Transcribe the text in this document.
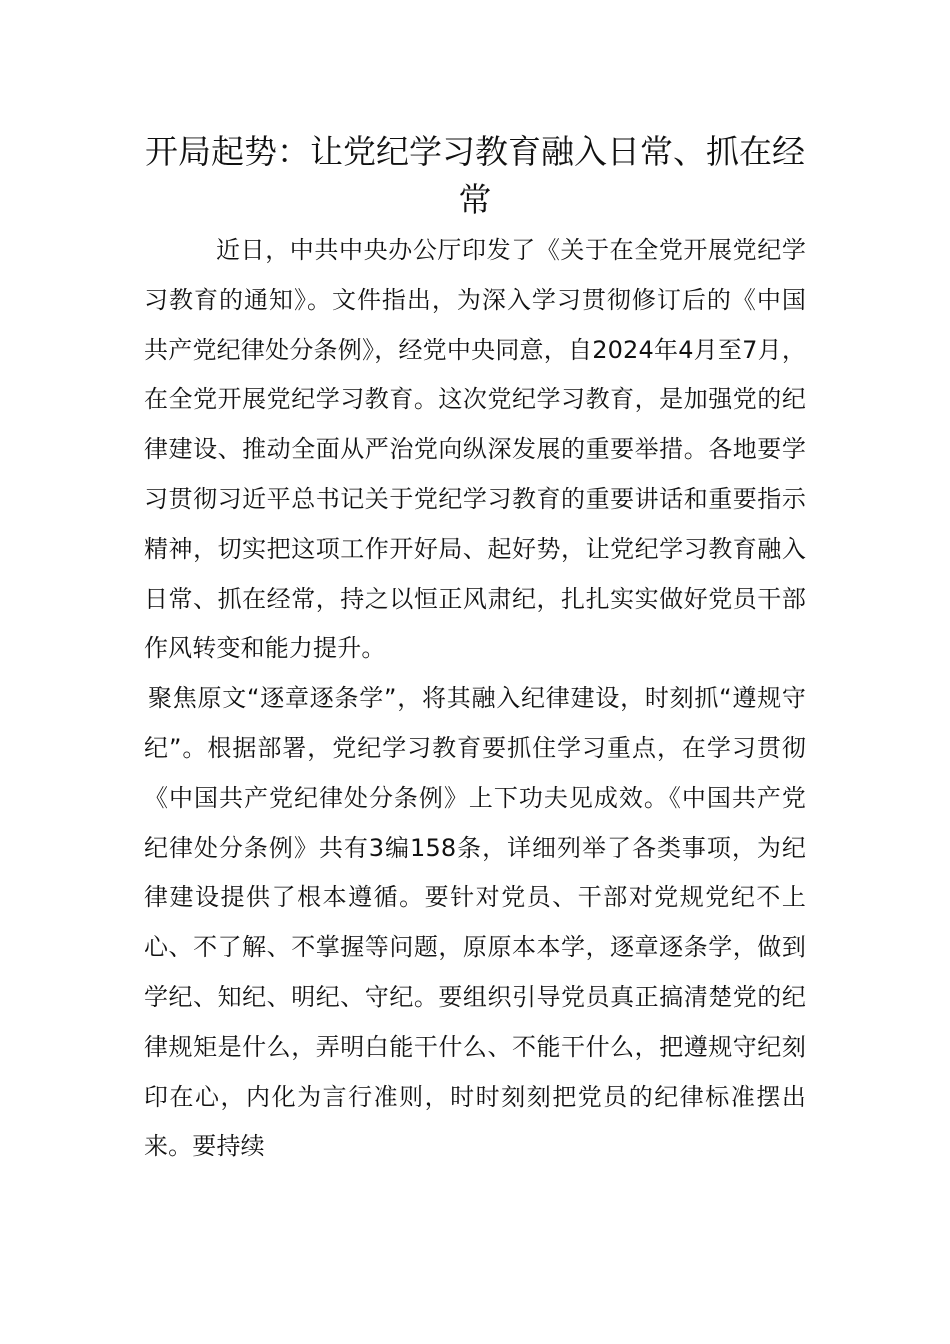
开局起势：让党纪学习教育融入日常、抓在经常

近日，中共中央办公厅印发了《关于在全党开展党纪学习教育的通知》。文件指出，为深入学习贯彻修订后的《中国共产党纪律处分条例》，经党中央同意，自2024年4月至7月，在全党开展党纪学习教育。这次党纪学习教育，是加强党的纪律建设、推动全面从严治党向纵深发展的重要举措。各地要学习贯彻习近平总书记关于党纪学习教育的重要讲话和重要指示精神，切实把这项工作开好局、起好势，让党纪学习教育融入日常、抓在经常，持之以恒正风肃纪，扎扎实实做好党员干部作风转变和能力提升。

聚焦原文“逐章逐条学”，将其融入纪律建设，时刻抓“遵规守纪”。根据部署，党纪学习教育要抓住学习重点，在学习贯彻《中国共产党纪律处分条例》上下功夫见成效。《中国共产党纪律处分条例》共有3编158条，详细列举了各类事项，为纪律建设提供了根本遵循。要针对党员、干部对党规党纪不上心、不了解、不掌握等问题，原原本本学，逐章逐条学，做到学纪、知纪、明纪、守纪。要组织引导党员真正搞清楚党的纪律规矩是什么，弄明白能干什么、不能干什么，把遵规守纪刻印在心，内化为言行准则，时时刻刻把党员的纪律标准摆出来。要持续
